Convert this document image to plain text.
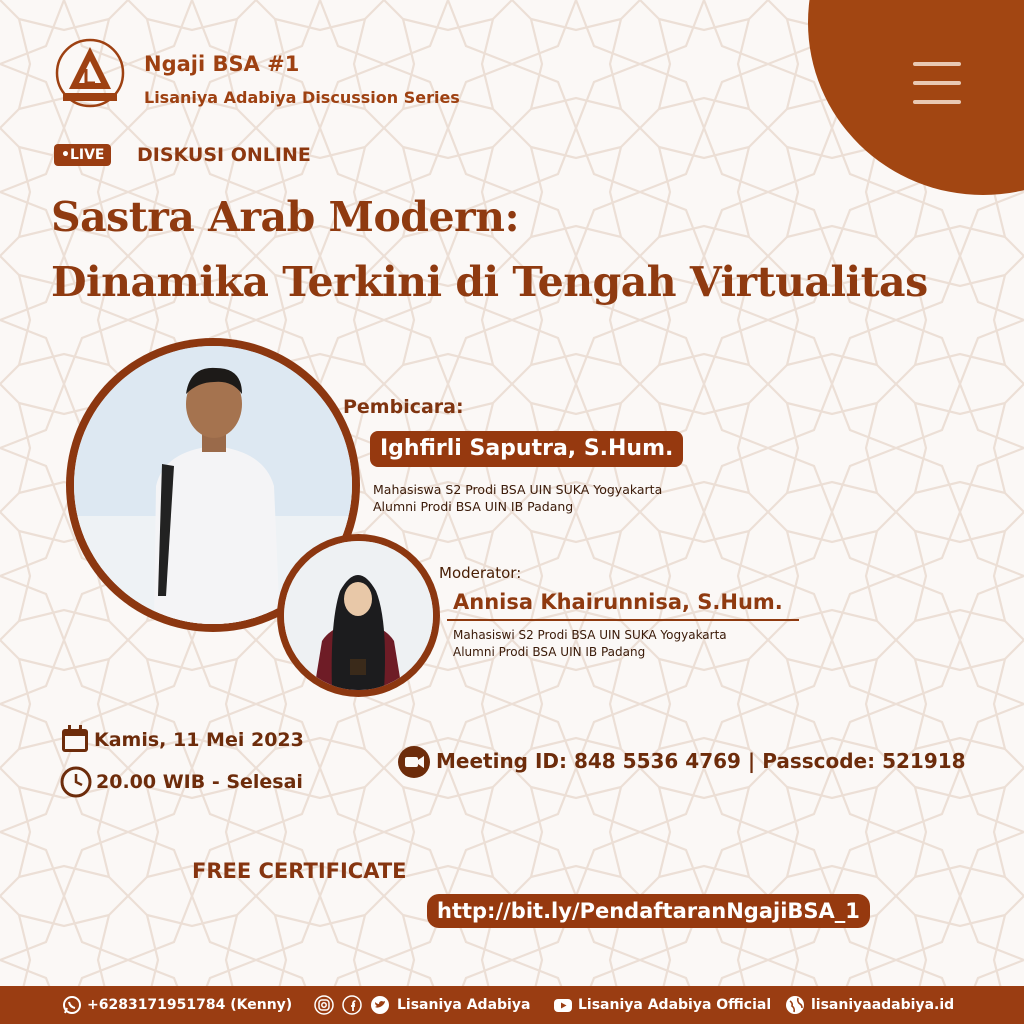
Ngaji BSA #1
Lisaniya Adabiya Discussion Series
•LIVE	DISKUSI ONLINE
Sastra Arab Modern:
Dinamika Terkini di Tengah Virtualitas
Pembicara:
Ighfirli Saputra, S.Hum.
Mahasiswa S2 Prodi BSA UIN SUKA Yogyakarta
Alumni Prodi BSA UIN IB Padang
Moderator:
Annisa Khairunnisa, S.Hum.
Mahasiswi S2 Prodi BSA UIN SUKA Yogyakarta
Alumni Prodi BSA UIN IB Padang
Kamis, 11 Mei 2023
20.00 WIB - Selesai
Meeting ID: 848 5536 4769 | Passcode: 521918
FREE CERTIFICATE
http://bit.ly/PendaftaranNgajiBSA_1
+6283171951784 (Kenny)	Lisaniya Adabiya	Lisaniya Adabiya Official	lisaniyaadabiya.id
